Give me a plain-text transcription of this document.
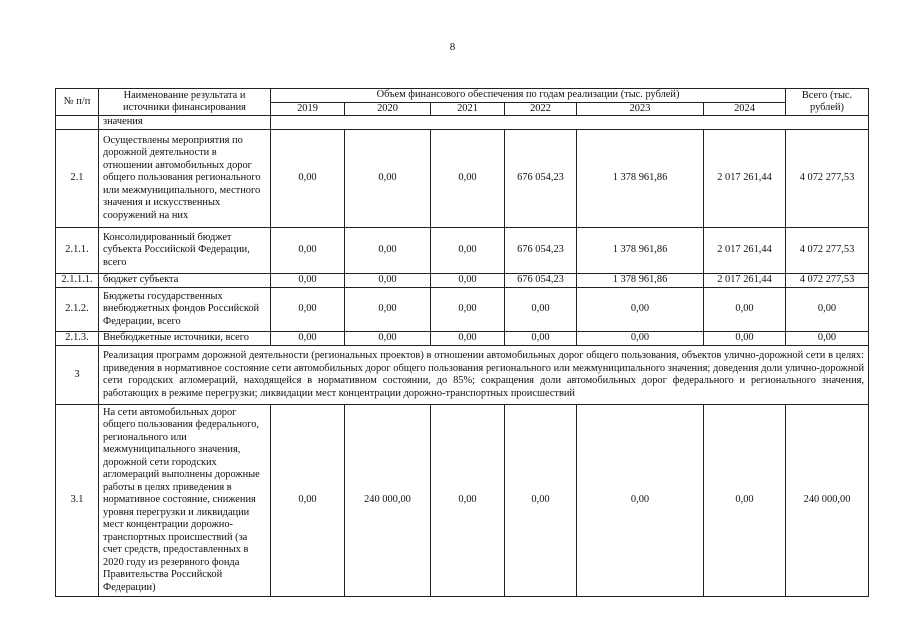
8
№ п/п	Наименование результата и источники финансирования	Объем финансового обеспечения по годам реализации (тыс. рублей)						Всего (тыс. рублей)
		2019	2020	2021	2022	2023	2024	
	значения							
2.1	Осуществлены мероприятия по дорожной деятельности в отношении автомобильных дорог общего пользования регионального или межмуниципального, местного значения и искусственных сооружений на них	0,00	0,00	0,00	676 054,23	1 378 961,86	2 017 261,44	4 072 277,53
2.1.1.	Консолидированный бюджет субъекта Российской Федерации, всего	0,00	0,00	0,00	676 054,23	1 378 961,86	2 017 261,44	4 072 277,53
2.1.1.1.	бюджет субъекта	0,00	0,00	0,00	676 054,23	1 378 961,86	2 017 261,44	4 072 277,53
2.1.2.	Бюджеты государственных внебюджетных фондов Российской Федерации, всего	0,00	0,00	0,00	0,00	0,00	0,00	0,00
2.1.3.	Внебюджетные источники, всего	0,00	0,00	0,00	0,00	0,00	0,00	0,00
3	Реализация программ дорожной деятельности (региональных проектов) в отношении автомобильных дорог общего пользования, объектов улично-дорожной сети в целях: приведения в нормативное состояние сети автомобильных дорог общего пользования регионального или межмуниципального значения; доведения доли улично-дорожной сети городских агломераций, находящейся в нормативном состоянии, до 85%; сокращения доли автомобильных дорог федерального и регионального значения, работающих в режиме перегрузки; ликвидации мест концентрации дорожно-транспортных происшествий							
3.1	На сети автомобильных дорог общего пользования федерального, регионального или межмуниципального значения, дорожной сети городских агломераций выполнены дорожные работы в целях приведения в нормативное состояние, снижения уровня перегрузки и ликвидации мест концентрации дорожно-транспортных происшествий (за счет средств, предоставленных в 2020 году из резервного фонда Правительства Российской Федерации)	0,00	240 000,00	0,00	0,00	0,00	0,00	240 000,00
